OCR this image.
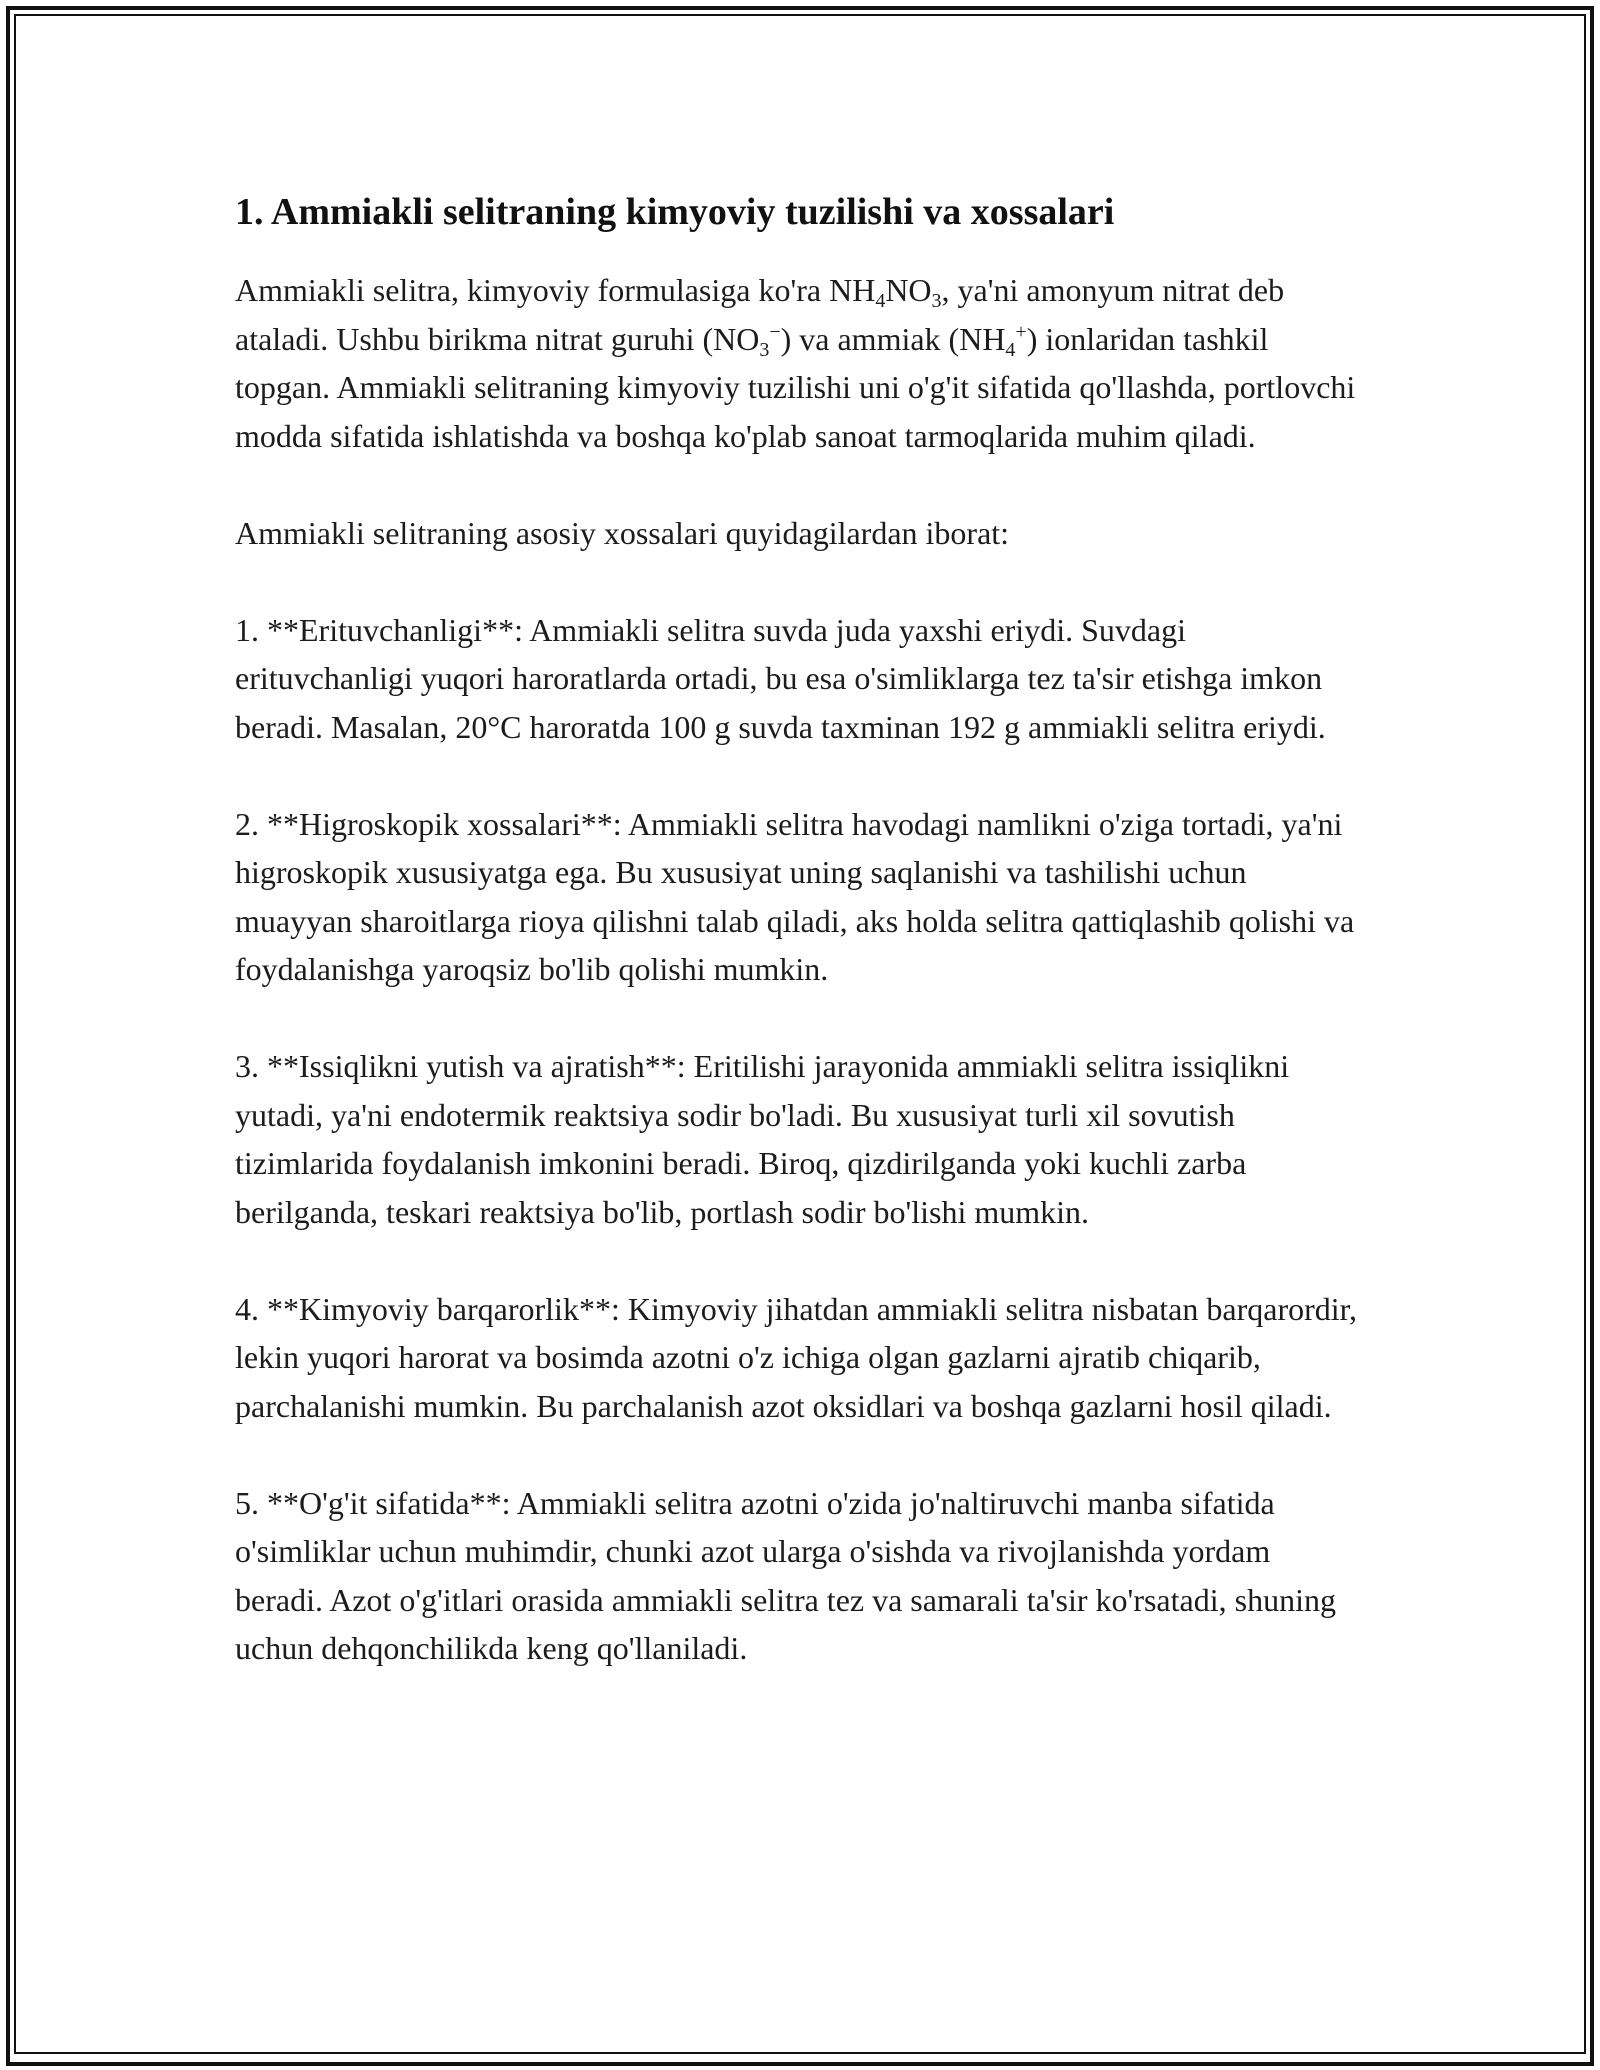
1. Ammiakli selitraning kimyoviy tuzilishi va xossalari

Ammiakli selitra, kimyoviy formulasiga ko'ra $NH_4NO_3$, ya'ni amonyum nitrat deb ataladi. Ushbu birikma nitrat guruhi $(NO_3^-)$ va ammiak $(NH_4^+)$ ionlaridan tashkil topgan. Ammiakli selitraning kimyoviy tuzilishi uni o'g'it sifatida qo'llashda, portlovchi modda sifatida ishlatishda va boshqa ko'plab sanoat tarmoqlarida muhim qiladi.

Ammiakli selitraning asosiy xossalari quyidagilardan iborat:

1. **Erituvchanligi**: Ammiakli selitra suvda juda yaxshi eriydi. Suvdagi erituvchanligi yuqori haroratlarda ortadi, bu esa o'simliklarga tez ta'sir etishga imkon beradi. Masalan, 20°C haroratda 100 g suvda taxminan 192 g ammiakli selitra eriydi.

2. **Higroskopik xossalari**: Ammiakli selitra havodagi namlikni o'ziga tortadi, ya'ni higroskopik xususiyatga ega. Bu xususiyat uning saqlanishi va tashilishi uchun muayyan sharoitlarga rioya qilishni talab qiladi, aks holda selitra qattiqlashib qolishi va foydalanishga yaroqsiz bo'lib qolishi mumkin.

3. **Issiqlikni yutish va ajratish**: Eritilishi jarayonida ammiakli selitra issiqlikni yutadi, ya'ni endotermik reaktsiya sodir bo'ladi. Bu xususiyat turli xil sovutish tizimlarida foydalanish imkonini beradi. Biroq, qizdirilganda yoki kuchli zarba berilganda, teskari reaktsiya bo'lib, portlash sodir bo'lishi mumkin.

4. **Kimyoviy barqarorlik**: Kimyoviy jihatdan ammiakli selitra nisbatan barqarordir, lekin yuqori harorat va bosimda azotni o'z ichiga olgan gazlarni ajratib chiqarib, parchalanishi mumkin. Bu parchalanish azot oksidlari va boshqa gazlarni hosil qiladi.

5. **O'g'it sifatida**: Ammiakli selitra azotni o'zida jo'naltiruvchi manba sifatida o'simliklar uchun muhimdir, chunki azot ularga o'sishda va rivojlanishda yordam beradi. Azot o'g'itlari orasida ammiakli selitra tez va samarali ta'sir ko'rsatadi, shuning uchun dehqonchilikda keng qo'llaniladi.
